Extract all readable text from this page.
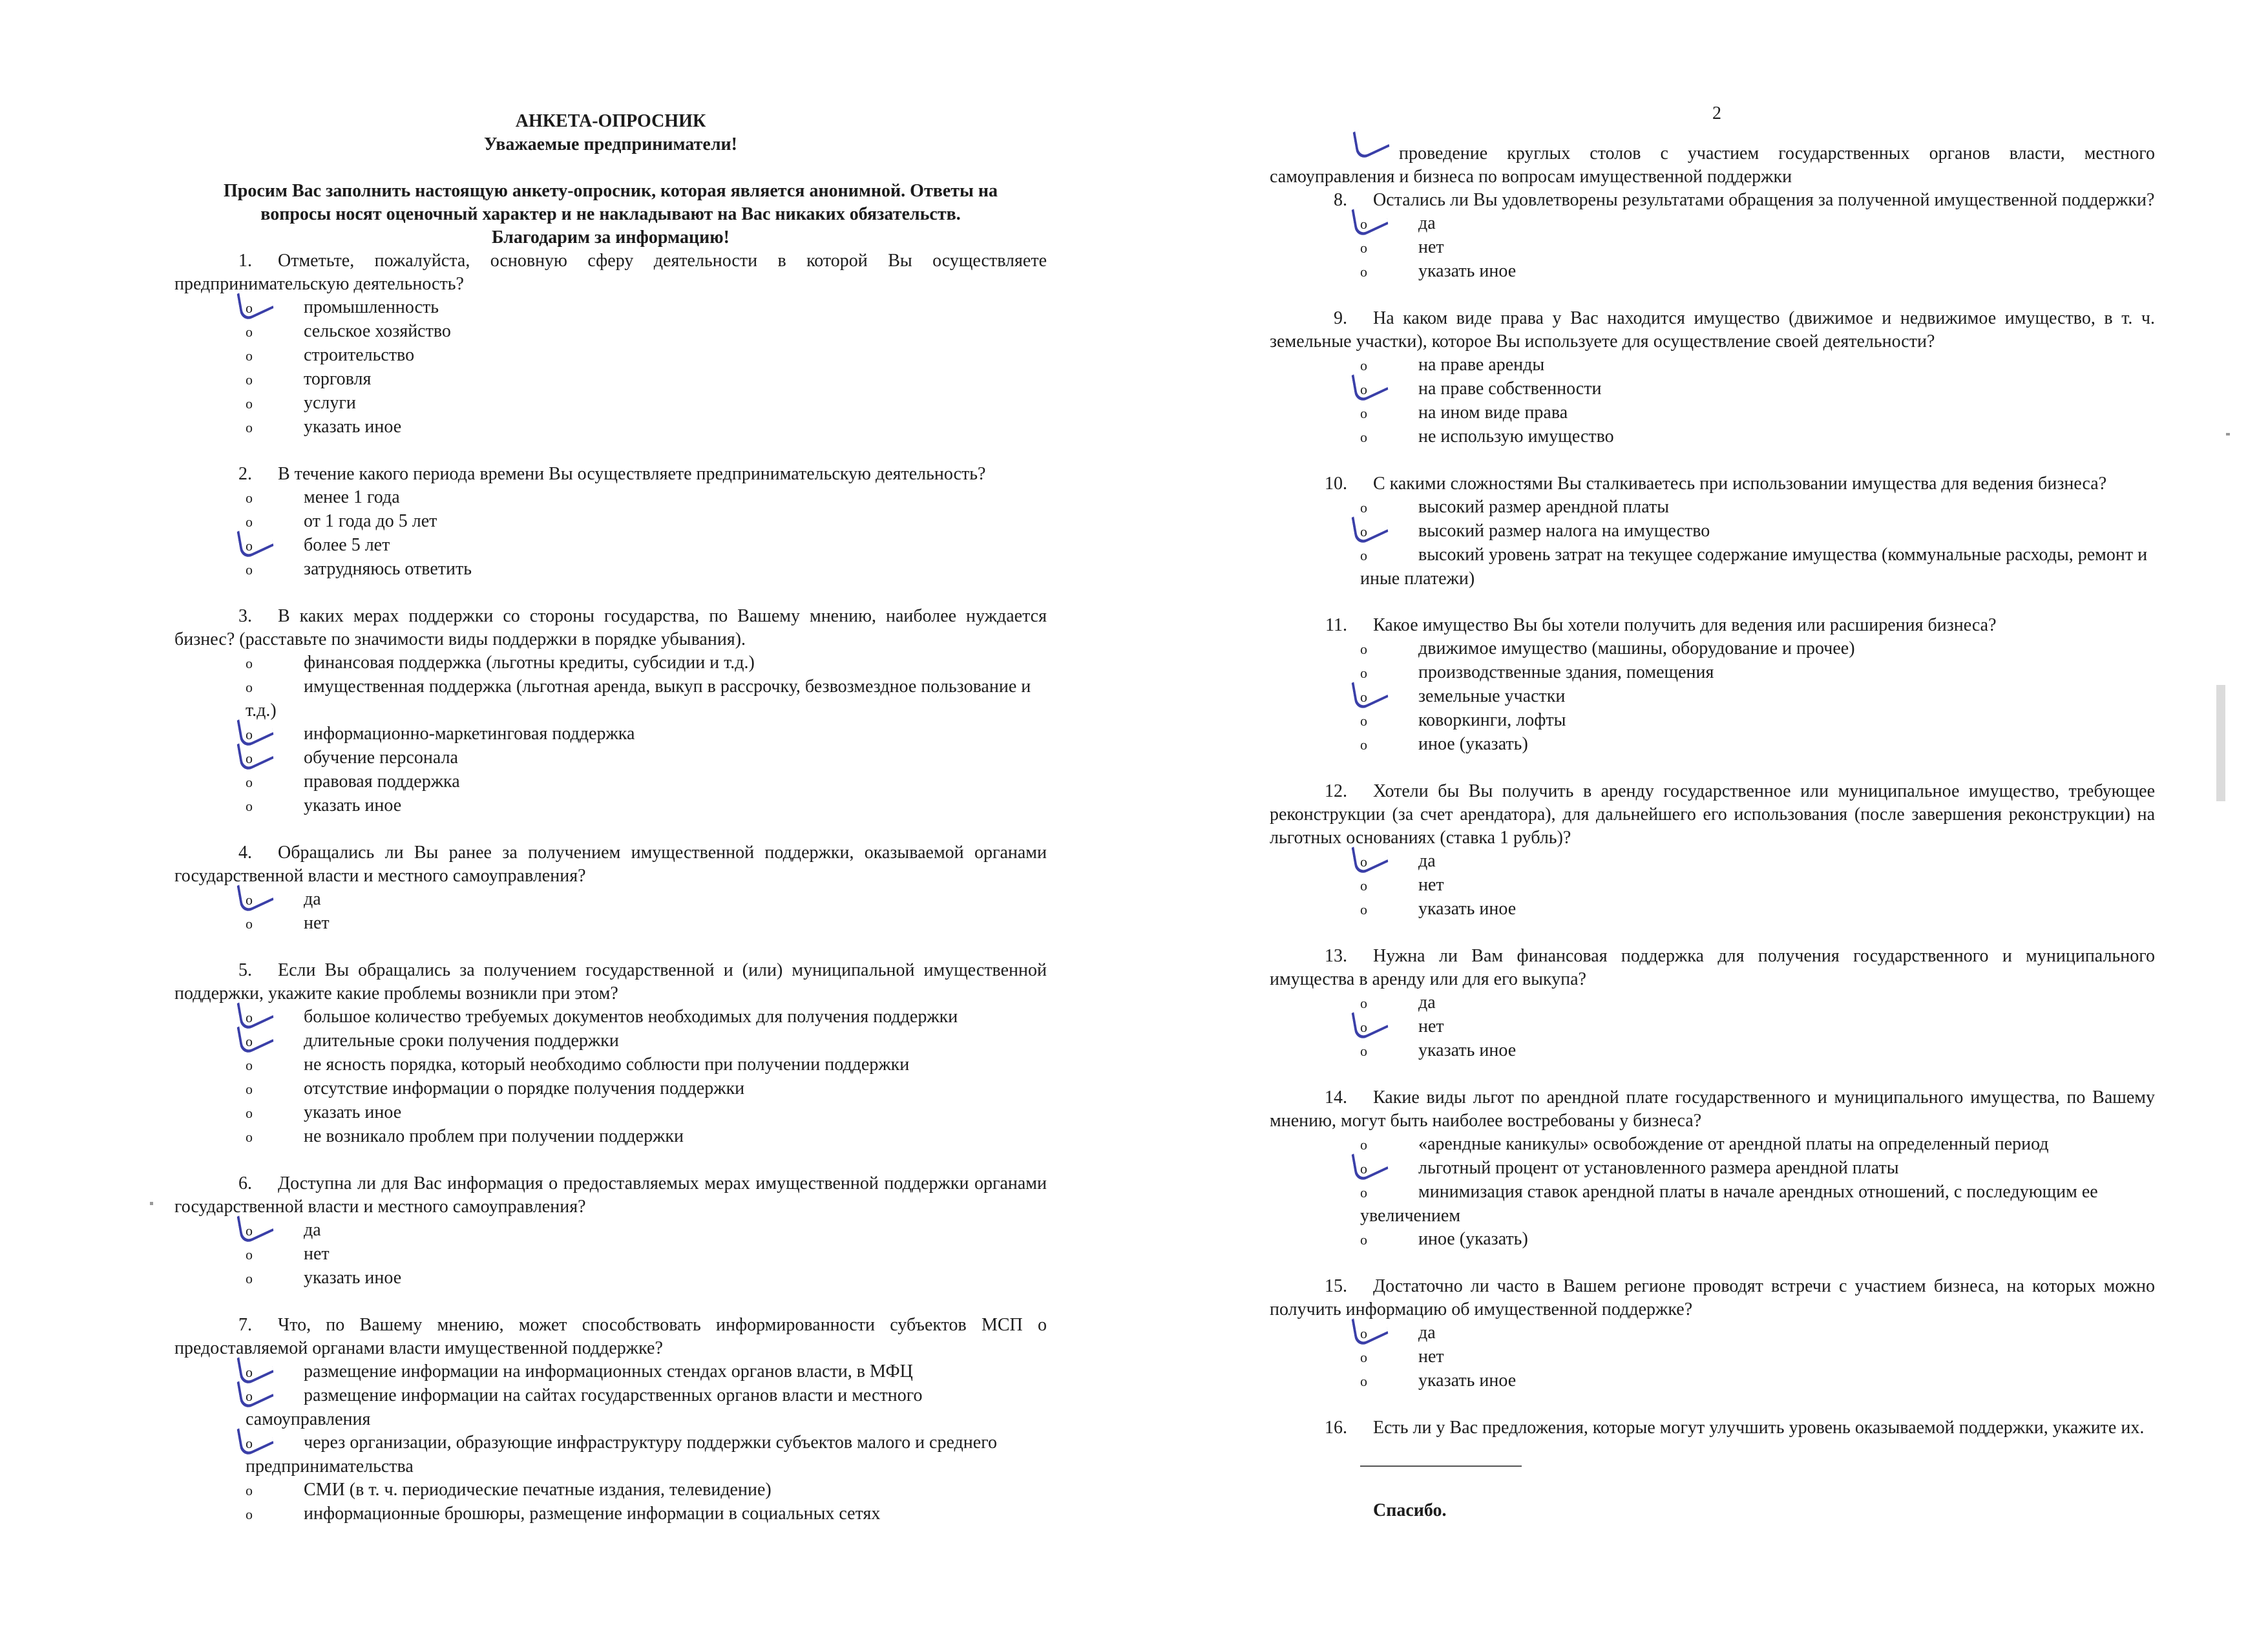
АНКЕТА-ОПРОСНИК
Уважаемые предприниматели!
Просим Вас заполнить настоящую анкету-опросник, которая является анонимной. Ответы на вопросы носят оценочный характер и не накладывают на Вас никаких обязательств. Благодарим за информацию!

1. Отметьте, пожалуйста, основную сферу деятельности в которой Вы осуществляете предпринимательскую деятельность?

o	промышленность
o	сельское хозяйство
o	строительство
o	торговля
o	услуги
o	указать иное

2. В течение какого периода времени Вы осуществляете предпринимательскую деятельность?

o	менее 1 года
o	от 1 года до 5 лет
o	более 5 лет
o	затрудняюсь ответить

3. В каких мерах поддержки со стороны государства, по Вашему мнению, наиболее нуждается бизнес? (расставьте по значимости виды поддержки в порядке убывания).

o	финансовая поддержка (льготны кредиты, субсидии и т.д.)
o	имущественная поддержка (льготная аренда, выкуп в рассрочку, безвозмездное пользование и т.д.)
o	информационно-маркетинговая поддержка
o	обучение персонала
o	правовая поддержка
o	указать иное

4. Обращались ли Вы ранее за получением имущественной поддержки, оказываемой органами государственной власти и местного самоуправления?

o	да
o	нет

5. Если Вы обращались за получением государственной и (или) муниципальной имущественной поддержки, укажите какие проблемы возникли при этом?

o	большое количество требуемых документов необходимых для получения поддержки
o	длительные сроки получения поддержки
o	не ясность порядка, который необходимо соблюсти при получении поддержки
o	отсутствие информации о порядке получения поддержки
o	указать иное
o	не возникало проблем при получении поддержки

6. Доступна ли для Вас информация о предоставляемых мерах имущественной поддержки органами государственной власти и местного самоуправления?

o	да
o	нет
o	указать иное

7. Что, по Вашему мнению, может способствовать информированности субъектов МСП о предоставляемой органами власти имущественной поддержке?

o	размещение информации на информационных стендах органов власти, в МФЦ
o	размещение информации на сайтах государственных органов власти и местного самоуправления
o	через организации, образующие инфраструктуру поддержки субъектов малого и среднего предпринимательства
o	СМИ (в т. ч. периодические печатные издания, телевидение)
o	информационные брошюры, размещение информации в социальных сетях
2
проведение круглых столов с участием государственных органов власти, местного самоуправления и бизнеса по вопросам имущественной поддержки

8. Остались ли Вы удовлетворены результатами обращения за полученной имущественной поддержки?

o	да
o	нет
o	указать иное

9. На каком виде права у Вас находится имущество (движимое и недвижимое имущество, в т. ч. земельные участки), которое Вы используете для осуществление своей деятельности?

o	на праве аренды
o	на праве собственности
o	на ином виде права
o	не использую имущество

10. С какими сложностями Вы сталкиваетесь при использовании имущества для ведения бизнеса?

o	высокий размер арендной платы
o	высокий размер налога на имущество
o	высокий уровень затрат на текущее содержание имущества (коммунальные расходы, ремонт и иные платежи)

11. Какое имущество Вы бы хотели получить для ведения или расширения бизнеса?

o	движимое имущество (машины, оборудование и прочее)
o	производственные здания, помещения
o	земельные участки
o	коворкинги, лофты
o	иное (указать)

12. Хотели бы Вы получить в аренду государственное или муниципальное имущество, требующее реконструкции (за счет арендатора), для дальнейшего его использования (после завершения реконструкции) на льготных основаниях (ставка 1 рубль)?

o	да
o	нет
o	указать иное

13. Нужна ли Вам финансовая поддержка для получения государственного и муниципального имущества в аренду или для его выкупа?

o	да
o	нет
o	указать иное

14. Какие виды льгот по арендной плате государственного и муниципального имущества, по Вашему мнению, могут быть наиболее востребованы у бизнеса?

o	«арендные каникулы» освобождение от арендной платы на определенный период
o	льготный процент от установленного размера арендной платы
o	минимизация ставок арендной платы в начале арендных отношений, с последующим ее увеличением
o	иное (указать)

15. Достаточно ли часто в Вашем регионе проводят встречи с участием бизнеса, на которых можно получить информацию об имущественной поддержке?

o	да
o	нет
o	указать иное

16. Есть ли у Вас предложения, которые могут улучшить уровень оказываемой поддержки, укажите их.

Спасибо.
